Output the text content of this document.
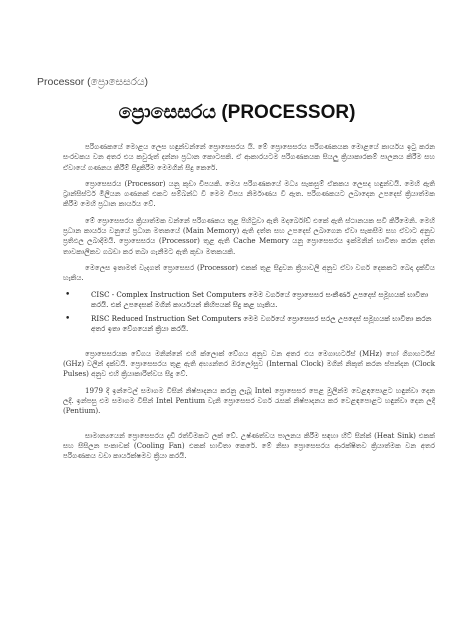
Processor (ප්‍රොසෙසරය)
ප්‍රොසෙසරය (PROCESSOR)

පරිගණකයේ මොළය ලෙස හඳුන්වන්නේ ප්‍රොසෙසරය යි. මේ ප්‍රොසෙසරය පරිගණකයක මොළයේ කාර්යය ඉටු කරන සංරචකය වන අතර එය කවුරුත් දන්නා ප්‍රධාන කොටසකි. ඒ ආකාරයටම පරිගණකයක සියලු ක්‍රියාකාරකම් පාලනය කිරීම සහ ඒවායේ ගණනය කිරීම් සිදුකිරීම මෙමගින් සිදු කෙරේ.

ප්‍රොසෙසරය (Processor) යනු කුඩා චිපයකි. මෙය පරිගණකයේ මධ්‍ය සැකසුම් ඒකකය ලෙසද හඳුන්වයි. මෙහි ඇති ට්‍රාන්සිස්ටර් මිලියන ගණනක් එකට සම්බන්ධ වී මෙම චිපය නිර්මාණය වී ඇත. පරිගණකයට ලබාදෙන උපදෙස් ක්‍රියාත්මක කිරීම මෙහි ප්‍රධාන කාර්යය වේ.

මේ ප්‍රොසෙසරය ක්‍රියාත්මක වන්නේ පරිගණකය තුළ පිහිටුවා ඇති මදර්බෝඩ් එකේ ඇති ස්ථානයක සවි කිරීමෙනි. මෙහි ප්‍රධාන කාර්යය වනුයේ ප්‍රධාන මතකයේ (Main Memory) ඇති දත්ත සහ උපදෙස් ලබාගෙන ඒවා සැකසීම සහ ඒවාට අනුව ප්‍රතිඵල ලබාදීමයි. ප්‍රොසෙසරය (Processor) තුළ ඇති Cache Memory යනු ප්‍රොසෙසරය ඉක්මනින් භාවිතා කරන දත්ත තාවකාලිකව ගබඩා කර තබා ගැනීමට ඇති කුඩා මතකයකි.

මෙලෙස ඉතාමත් වැදගත් ප්‍රොසෙසර (Processor) එකක් තුළ සිදුවන ක්‍රියාවලි අනුව ඒවා වර්ග දෙකකට බෙදා දැක්විය හැකිය.

•	CISC - Complex Instruction Set Computers මෙම වර්ගයේ ප්‍රොසෙසර සංකීර්ණ උපදෙස් සමූහයක් භාවිතා කරයි. එක් උපදෙසක් මගින් කාර්යයන් කිහිපයක් සිදු කළ හැකිය.
•	RISC Reduced Instruction Set Computers මෙම වර්ගයේ ප්‍රොසෙසර සරල උපදෙස් සමූහයක් භාවිතා කරන අතර ඉතා වේගයෙන් ක්‍රියා කරයි.

ප්‍රොසෙසරයක වේගය මනින්නේ එහි ක්ලොක් වේගය අනුව වන අතර එය මෙගාහර්ට්ස් (MHz) හෝ ගිගාහර්ට්ස් (GHz) වලින් දක්වයි. ප්‍රොසෙසරය තුළ ඇති අභ්‍යන්තර ඔරලෝසුව (Internal Clock) මගින් නිකුත් කරන ස්පන්දන (Clock Pulses) අනුව එහි ක්‍රියාකාරිත්වය සිදු වේ.

1979 දී ඉන්ටෙල් සමාගම විසින් නිෂ්පාදනය කරනු ලැබූ Intel ප්‍රොසෙසර පෙළ මුලින්ම වෙළඳපොළට හඳුන්වා දෙන ලදී. ඉන්පසු එම සමාගම විසින් Intel Pentium වැනි ප්‍රොසෙසර වර්ග රැසක් නිෂ්පාදනය කර වෙළඳපොළට හඳුන්වා දෙන ලදී (Pentium).

සාමාන්‍යයෙන් ප්‍රොසෙසරය දැඩි රත්වීමකට ලක් වේ. උෂ්ණත්වය පාලනය කිරීම සඳහා හීට් සින්ක් (Heat Sink) එකක් සහ සිසිලන පංකාවක් (Cooling Fan) එකක් භාවිතා කෙරේ. මේ නිසා ප්‍රොසෙසරය ආරක්ෂිතව ක්‍රියාත්මක වන අතර පරිගණකය වඩා කාර්යක්ෂමව ක්‍රියා කරයි.
